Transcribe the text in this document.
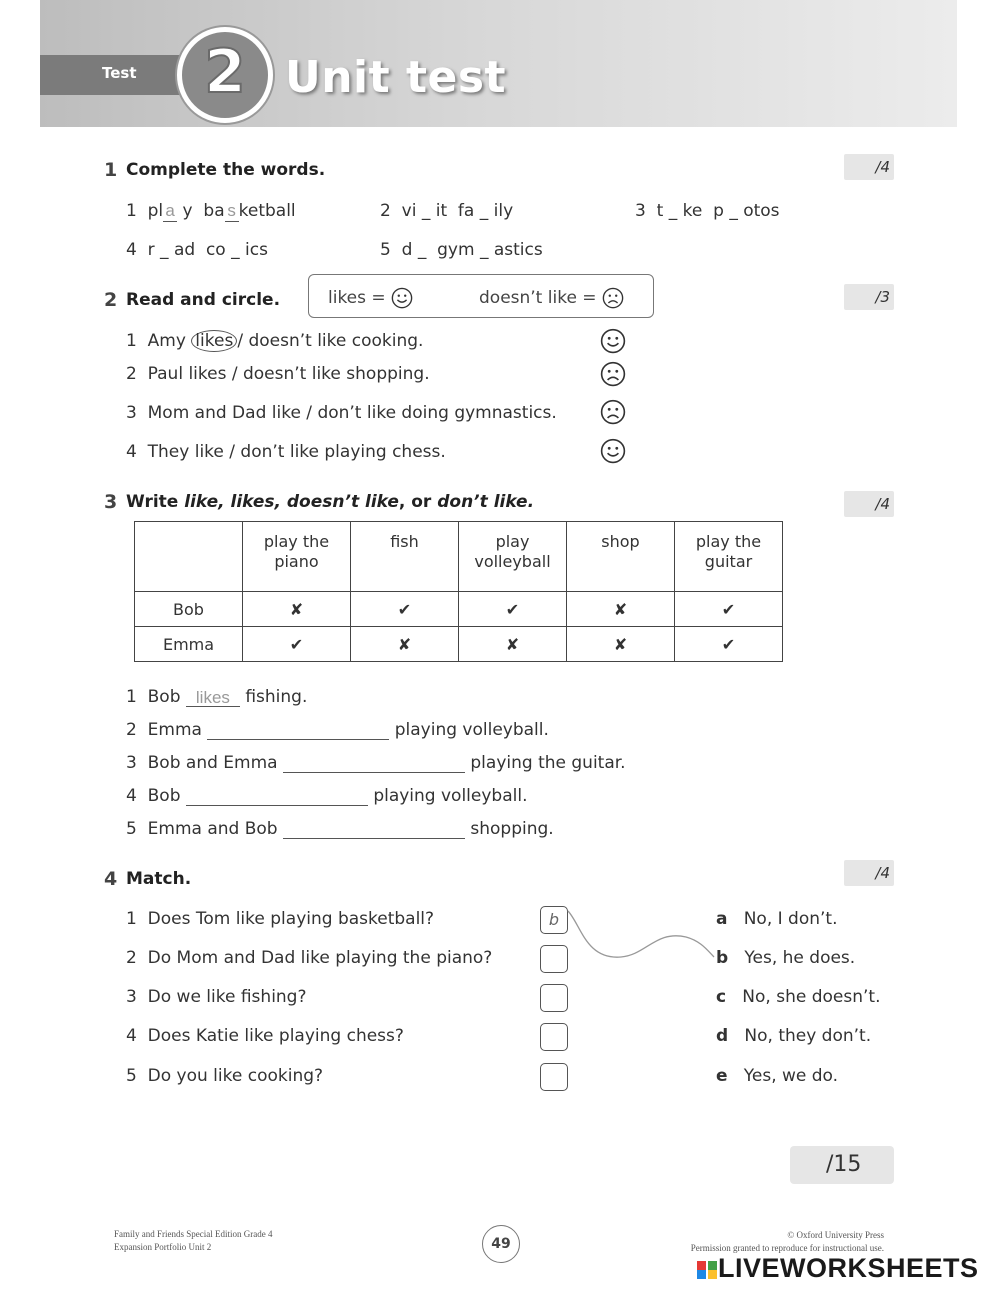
Test	2 Unit test
1 Complete the words.	/4
1 pl a y  ba s ketball	2 vi _ it  fa _ ily	3 t _ ke  p _ otos
4 r _ ad  co _ ics	5 d _  gym _ astics
2 Read and circle.	/3
likes =	doesn’t like =
1 Amy likes / doesn’t like cooking.
2 Paul likes / doesn’t like shopping.
3 Mom and Dad like / don’t like doing gymnastics.
4 They like / don’t like playing chess.
3 Write like, likes, doesn’t like, or don’t like.	/4
	play the piano	fish	play volleyball	shop	play the guitar
Bob	✘	✔	✔	✘	✔
Emma	✔	✘	✘	✘	✔
1 Bob likes fishing.
2 Emma	playing volleyball.
3 Bob and Emma	playing the guitar.
4 Bob	playing volleyball.
5 Emma and Bob	shopping.
4 Match.	/4
1 Does Tom like playing basketball?
2 Do Mom and Dad like playing the piano?
3 Do we like fishing?
4 Does Katie like playing chess?
5 Do you like cooking?
b	a No, I don’t.
b Yes, he does.
c No, she doesn’t.
d No, they don’t.
e Yes, we do.
/15
Family and Friends Special Edition Grade 4
Expansion Portfolio Unit 2	49
© Oxford University Press
Permission granted to reproduce for instructional use.

LIVEWORKSHEETS
